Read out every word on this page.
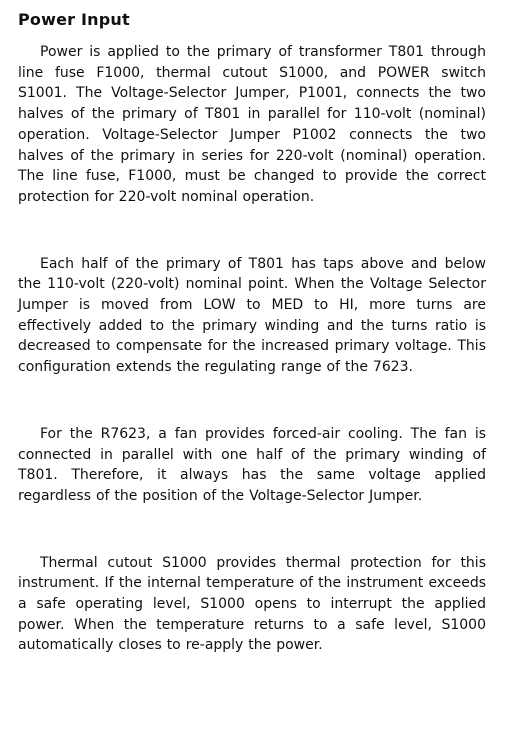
Power Input

Power is applied to the primary of transformer T801 through line fuse F1000, thermal cutout S1000, and POWER switch S1001. The Voltage-Selector Jumper, P1001, connects the two halves of the primary of T801 in parallel for 110-volt (nominal) operation. Voltage-Selector Jumper P1002 connects the two halves of the primary in series for 220-volt (nominal) operation. The line fuse, F1000, must be changed to provide the correct protection for 220-volt nominal operation.

Each half of the primary of T801 has taps above and below the 110-volt (220-volt) nominal point. When the Voltage Selector Jumper is moved from LOW to MED to HI, more turns are effectively added to the primary winding and the turns ratio is decreased to compensate for the increased primary voltage. This configuration extends the regulating range of the 7623.

For the R7623, a fan provides forced-air cooling. The fan is connected in parallel with one half of the primary winding of T801. Therefore, it always has the same voltage applied regardless of the position of the Voltage-Selector Jumper.

Thermal cutout S1000 provides thermal protection for this instrument. If the internal temperature of the instrument exceeds a safe operating level, S1000 opens to interrupt the applied power. When the temperature returns to a safe level, S1000 automatically closes to re-apply the power.
